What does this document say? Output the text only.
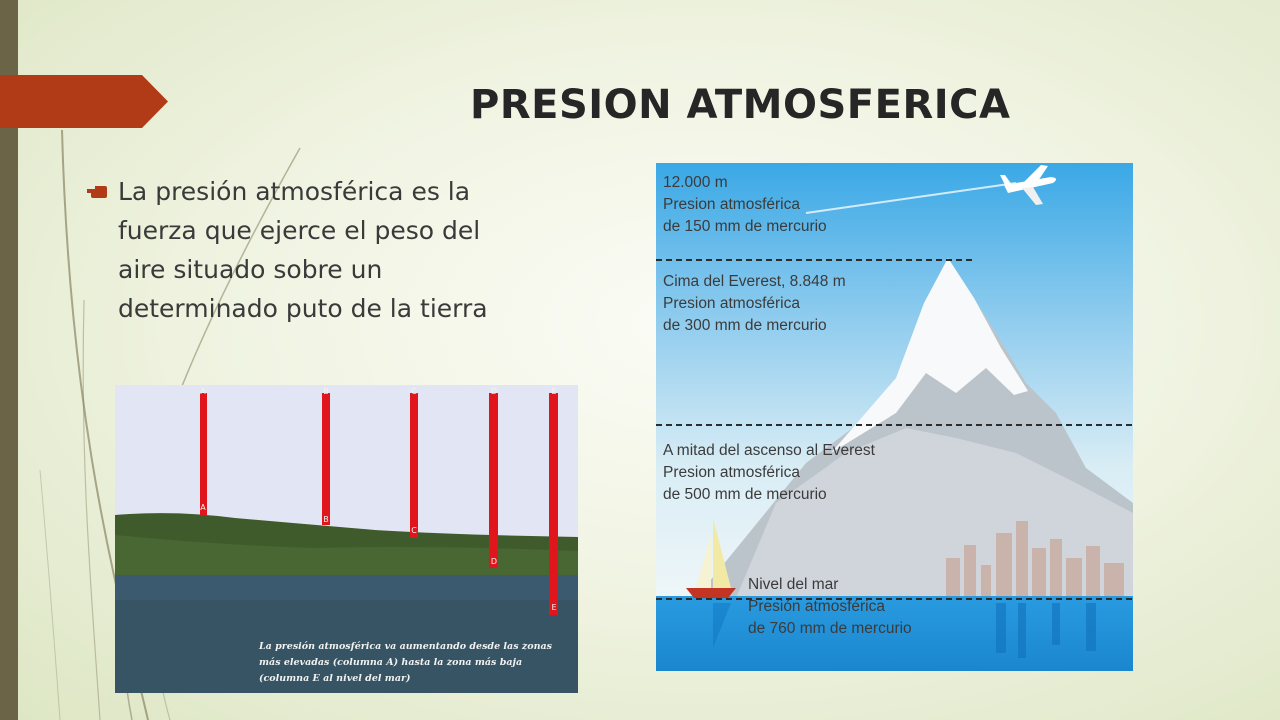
PRESION ATMOSFERICA

La presión atmosférica es la fuerza que ejerce el peso del aire situado sobre un determinado puto de la tierra

A	B	C	D	E
A
B
C
D
E

La presión atmosférica va aumentando desde las zonas más elevadas (columna A) hasta la zona más baja (columna E al nivel del mar)

12.000 m
Presion atmosférica
de 150 mm de mercurio

Cima del Everest, 8.848 m
Presion atmosférica
de 300 mm de mercurio

A mitad del ascenso al Everest
Presion atmosférica
de 500 mm de mercurio

Nivel del mar
Presión atmosférica
de 760 mm de mercurio
